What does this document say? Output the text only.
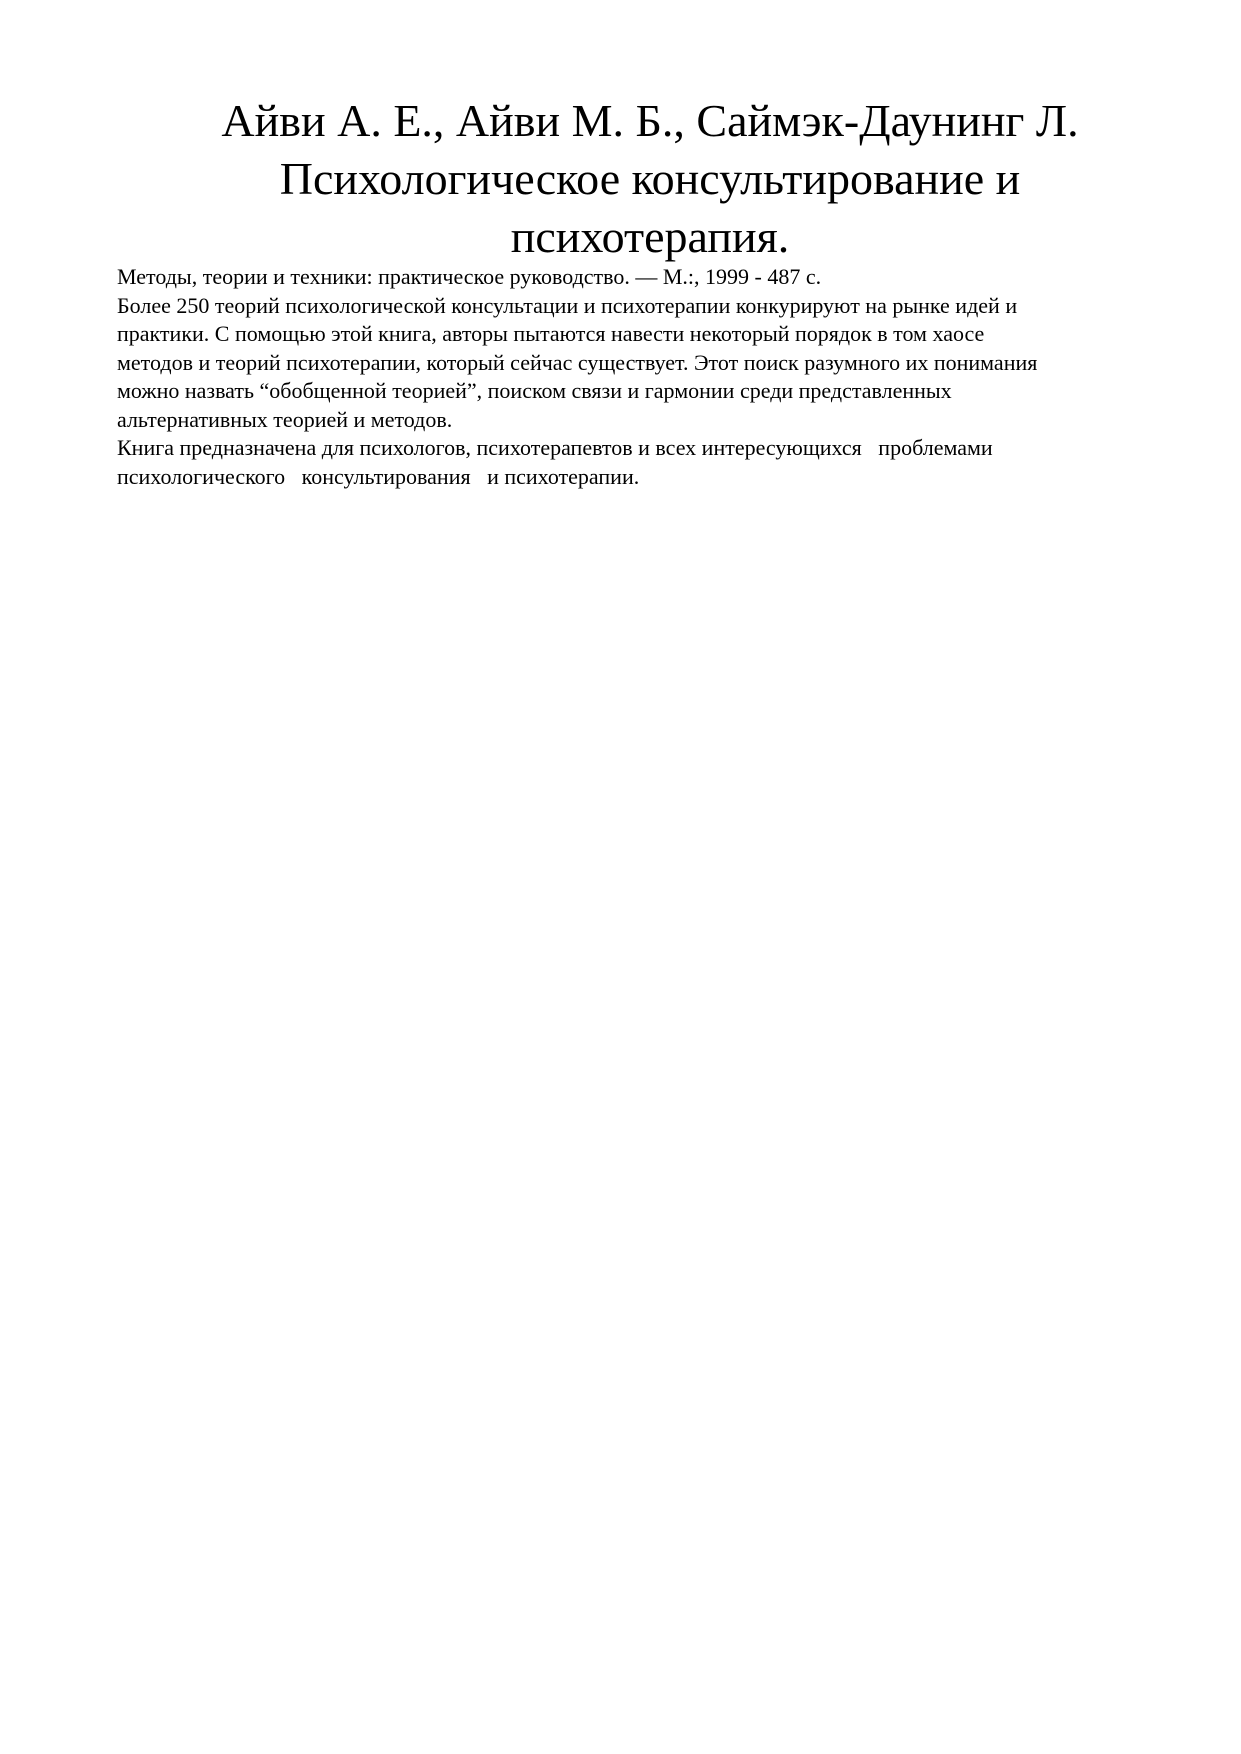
Айви А. Е., Айви М. Б., Саймэк-Даунинг Л.
Психологическое консультирование и
психотерапия.
Методы, теории и техники: практическое руководство. — М.:, 1999 - 487 с.
Более 250 теорий психологической консультации и психотерапии конкурируют на рынке идей и
практики. С помощью этой книга, авторы пытаются навести некоторый порядок в том хаосе
методов и теорий психотерапии, который сейчас существует. Этот поиск разумного их понимания
можно назвать “обобщенной теорией”, поиском связи и гармонии среди представленных
альтернативных теорией и методов.
Книга предназначена для психологов, психотерапевтов и всех интересующихся   проблемами
психологического   консультирования   и психотерапии.
